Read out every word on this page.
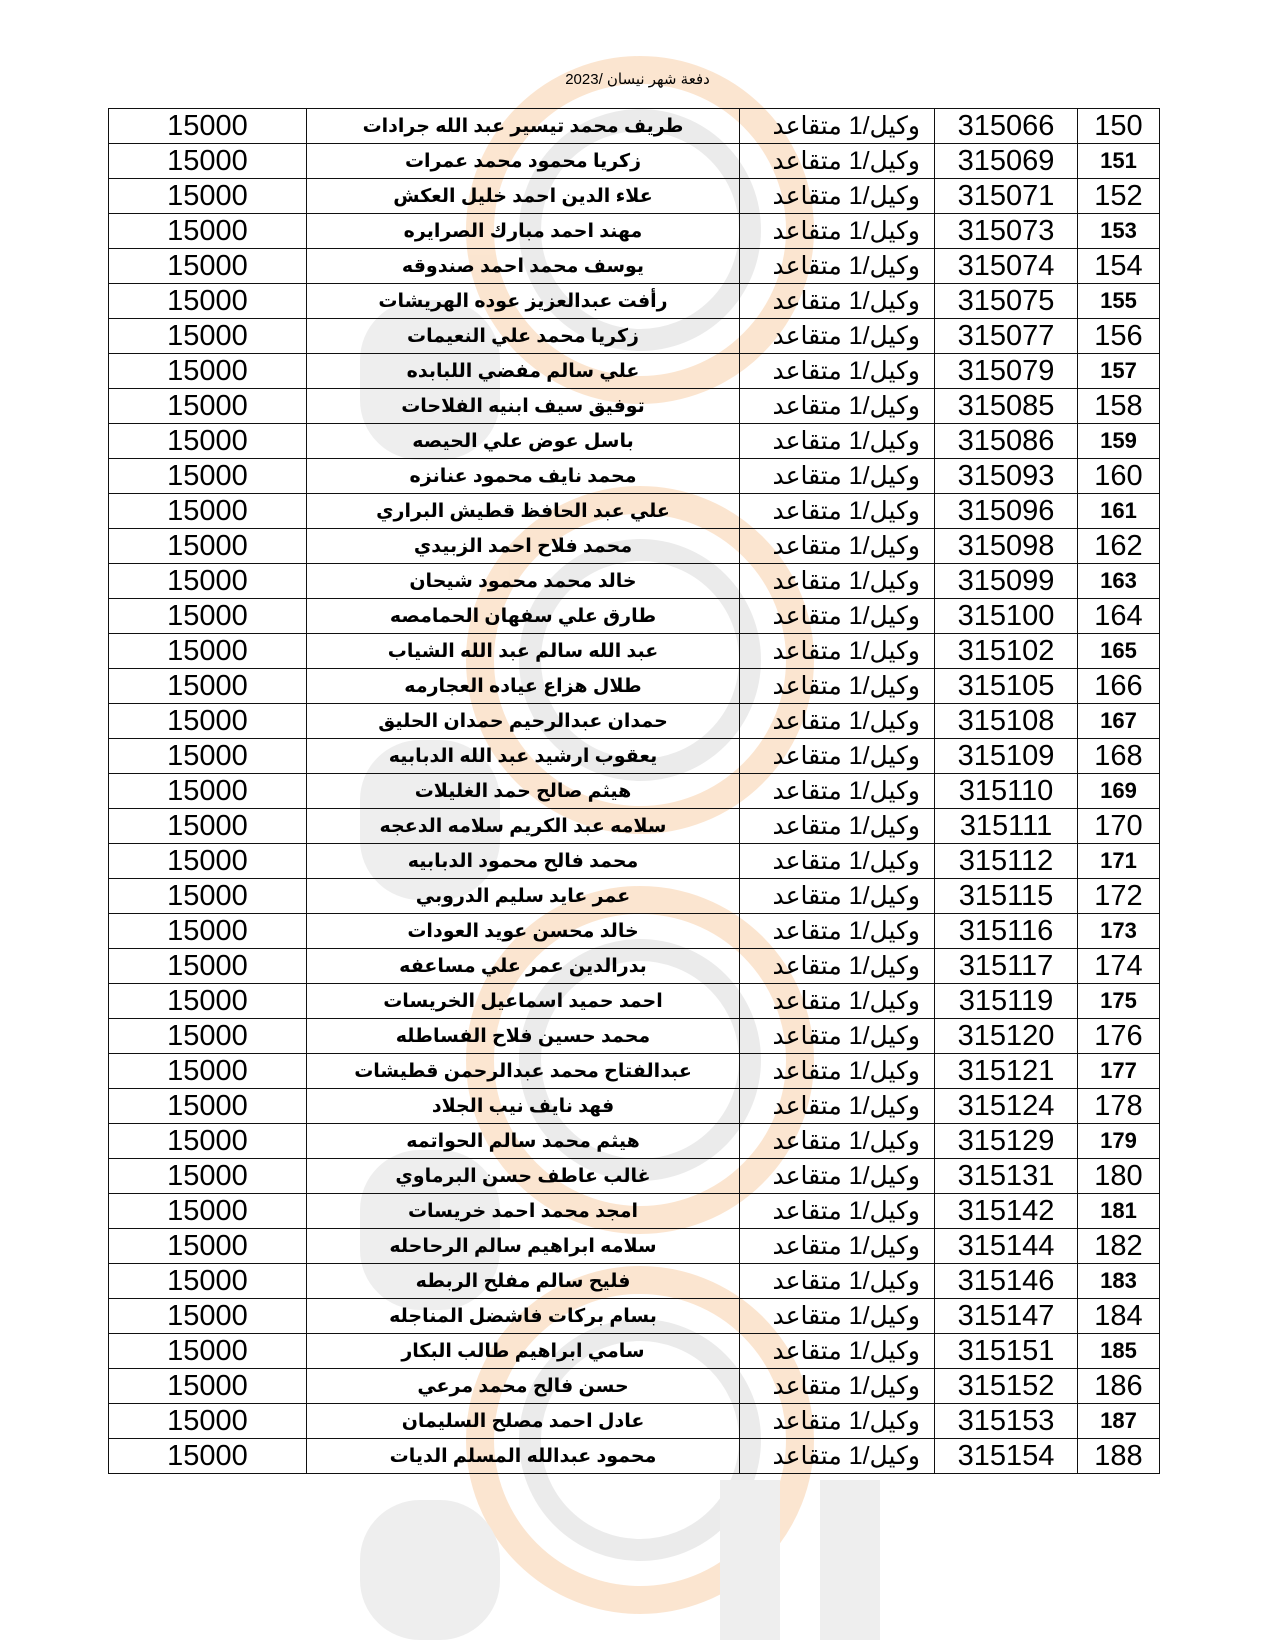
دفعة شهر نيسان /2023
15000	طريف محمد تيسير عبد الله جرادات	وكيل/1 متقاعد	315066	150
15000	زكريا محمود محمد عمرات	وكيل/1 متقاعد	315069	151
15000	علاء الدين احمد خليل العكش	وكيل/1 متقاعد	315071	152
15000	مهند احمد مبارك الصرايره	وكيل/1 متقاعد	315073	153
15000	يوسف محمد احمد صندوقه	وكيل/1 متقاعد	315074	154
15000	رأفت عبدالعزيز عوده الهريشات	وكيل/1 متقاعد	315075	155
15000	زكريا محمد علي النعيمات	وكيل/1 متقاعد	315077	156
15000	علي سالم مفضي اللبابده	وكيل/1 متقاعد	315079	157
15000	توفيق سيف ابنيه الفلاحات	وكيل/1 متقاعد	315085	158
15000	باسل عوض علي الحيصه	وكيل/1 متقاعد	315086	159
15000	محمد نايف محمود عنانزه	وكيل/1 متقاعد	315093	160
15000	علي عبد الحافظ قطيش البراري	وكيل/1 متقاعد	315096	161
15000	محمد فلاح احمد الزبيدي	وكيل/1 متقاعد	315098	162
15000	خالد محمد محمود شيحان	وكيل/1 متقاعد	315099	163
15000	طارق علي سفهان الحمامصه	وكيل/1 متقاعد	315100	164
15000	عبد الله سالم عبد الله الشياب	وكيل/1 متقاعد	315102	165
15000	طلال هزاع عياده العجارمه	وكيل/1 متقاعد	315105	166
15000	حمدان عبدالرحيم حمدان الحليق	وكيل/1 متقاعد	315108	167
15000	يعقوب ارشيد عبد الله الدبابيه	وكيل/1 متقاعد	315109	168
15000	هيثم صالح حمد الغليلات	وكيل/1 متقاعد	315110	169
15000	سلامه عبد الكريم سلامه الدعجه	وكيل/1 متقاعد	315111	170
15000	محمد فالح محمود الدبابيه	وكيل/1 متقاعد	315112	171
15000	عمر عايد سليم الدروبي	وكيل/1 متقاعد	315115	172
15000	خالد محسن عويد العودات	وكيل/1 متقاعد	315116	173
15000	بدرالدين عمر علي مساعفه	وكيل/1 متقاعد	315117	174
15000	احمد حميد اسماعيل الخريسات	وكيل/1 متقاعد	315119	175
15000	محمد حسين فلاح الفساطله	وكيل/1 متقاعد	315120	176
15000	عبدالفتاح محمد عبدالرحمن قطيشات	وكيل/1 متقاعد	315121	177
15000	فهد نايف نيب الجلاد	وكيل/1 متقاعد	315124	178
15000	هيثم محمد سالم الحواتمه	وكيل/1 متقاعد	315129	179
15000	غالب عاطف حسن البرماوي	وكيل/1 متقاعد	315131	180
15000	امجد محمد احمد خريسات	وكيل/1 متقاعد	315142	181
15000	سلامه ابراهيم سالم الرحاحله	وكيل/1 متقاعد	315144	182
15000	فليح سالم مفلح الربطه	وكيل/1 متقاعد	315146	183
15000	بسام بركات فاشضل المناجله	وكيل/1 متقاعد	315147	184
15000	سامي ابراهيم طالب البكار	وكيل/1 متقاعد	315151	185
15000	حسن فالح محمد مرعي	وكيل/1 متقاعد	315152	186
15000	عادل احمد مصلح السليمان	وكيل/1 متقاعد	315153	187
15000	محمود عبدالله المسلم الديات	وكيل/1 متقاعد	315154	188
